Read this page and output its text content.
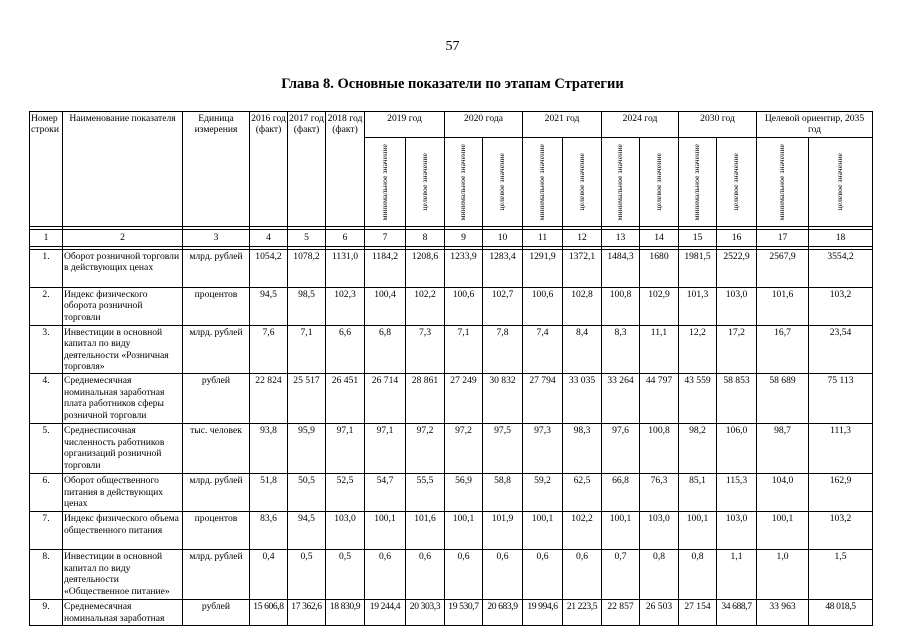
57
Глава 8. Основные показатели по этапам Стратегии
Номер строки	Наименование показателя	Единица измерения	2016 год (факт)	2017 год (факт)	2018 год (факт)	2019 год		2020 года		2021 год		2024 год		2030 год		Целевой ориентир, 2035 год	

						минимальное значение	целевое значение	минимальное значение	целевое значение	минимальное значение	целевое значение	минимальное значение	целевое значение	минимальное значение	целевое значение	минимальное значение	целевое значение

1	2	3	4	5	6	7	8	9	10	11	12	13	14	15	16	17	18

1.	Оборот розничной торговли в действующих ценах	млрд. рублей	1054,2	1078,2	1131,0	1184,2	1208,6	1233,9	1283,4	1291,9	1372,1	1484,3	1680	1981,5	2522,9	2567,9	3554,2
2.	Индекс физического оборота розничной торговли	процентов	94,5	98,5	102,3	100,4	102,2	100,6	102,7	100,6	102,8	100,8	102,9	101,3	103,0	101,6	103,2
3.	Инвестиции в основной капитал по виду деятельности «Розничная торговля»	млрд. рублей	7,6	7,1	6,6	6,8	7,3	7,1	7,8	7,4	8,4	8,3	11,1	12,2	17,2	16,7	23,54
4.	Среднемесячная номинальная заработная плата работников сферы розничной торговли	рублей	22 824	25 517	26 451	26 714	28 861	27 249	30 832	27 794	33 035	33 264	44 797	43 559	58 853	58 689	75 113
5.	Среднесписочная численность работников организаций розничной торговли	тыс. человек	93,8	95,9	97,1	97,1	97,2	97,2	97,5	97,3	98,3	97,6	100,8	98,2	106,0	98,7	111,3
6.	Оборот общественного питания в действующих ценах	млрд. рублей	51,8	50,5	52,5	54,7	55,5	56,9	58,8	59,2	62,5	66,8	76,3	85,1	115,3	104,0	162,9
7.	Индекс физического объема общественного питания	процентов	83,6	94,5	103,0	100,1	101,6	100,1	101,9	100,1	102,2	100,1	103,0	100,1	103,0	100,1	103,2
8.	Инвестиции в основной капитал по виду деятельности «Общественное питание»	млрд. рублей	0,4	0,5	0,5	0,6	0,6	0,6	0,6	0,6	0,6	0,7	0,8	0,8	1,1	1,0	1,5
9.	Среднемесячная номинальная заработная	рублей	15 606,8	17 362,6	18 830,9	19 244,4	20 303,3	19 530,7	20 683,9	19 994,6	21 223,5	22 857	26 503	27 154	34 688,7	33 963	48 018,5
